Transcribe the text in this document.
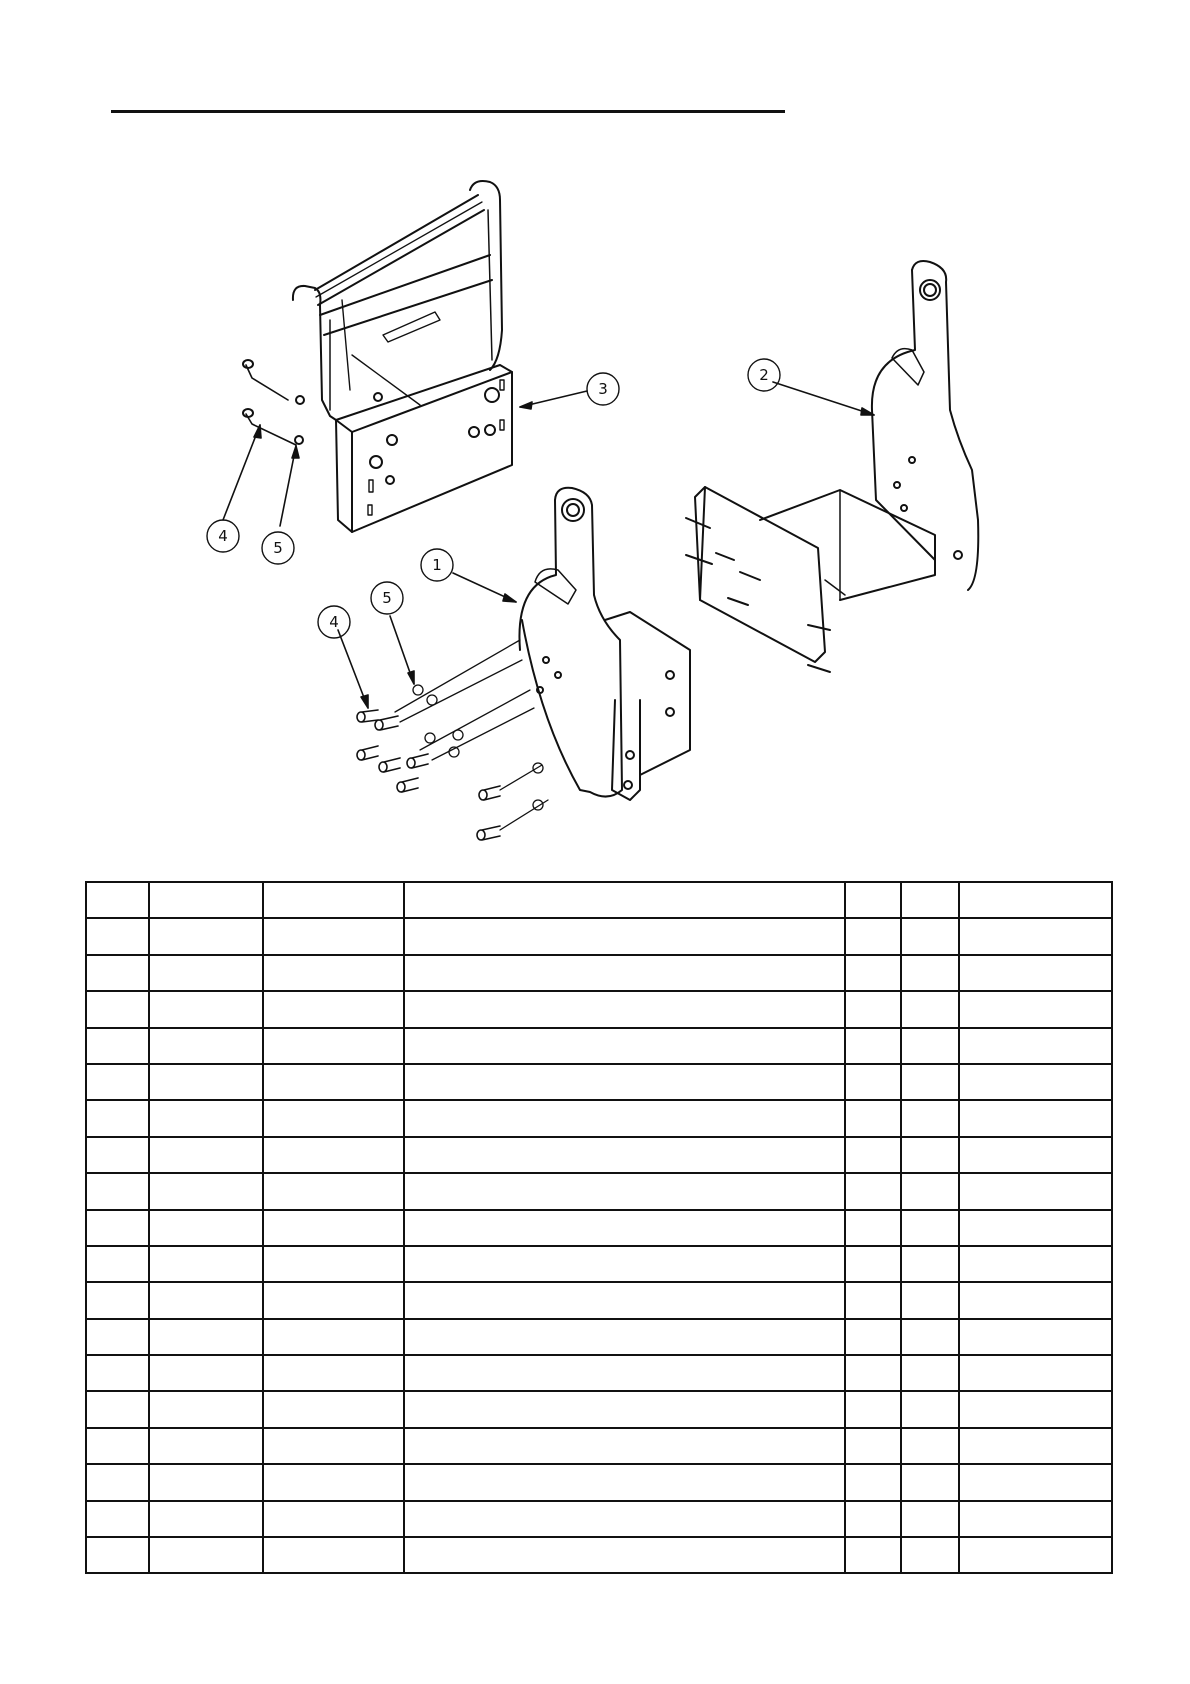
3
2
1
4
5
4
5
